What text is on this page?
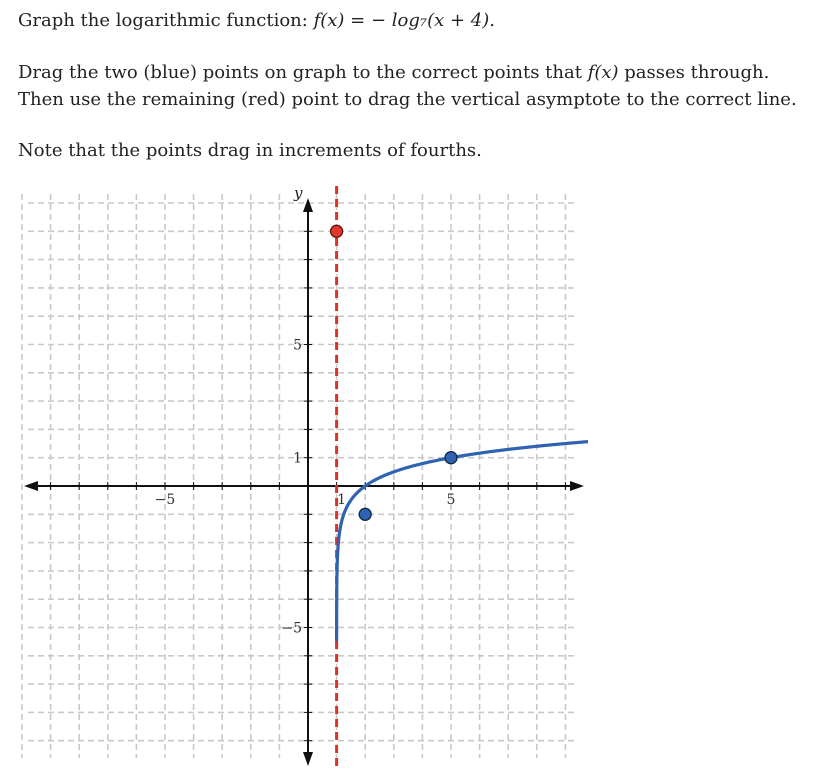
Graph the logarithmic function: f(x) = − log₇(x + 4).
Drag the two (blue) points on graph to the correct points that f(x) passes through. Then use the remaining (red) point to drag the vertical asymptote to the correct line.
Note that the points drag in increments of fourths.
y
−5	1	5
5
1
−5
